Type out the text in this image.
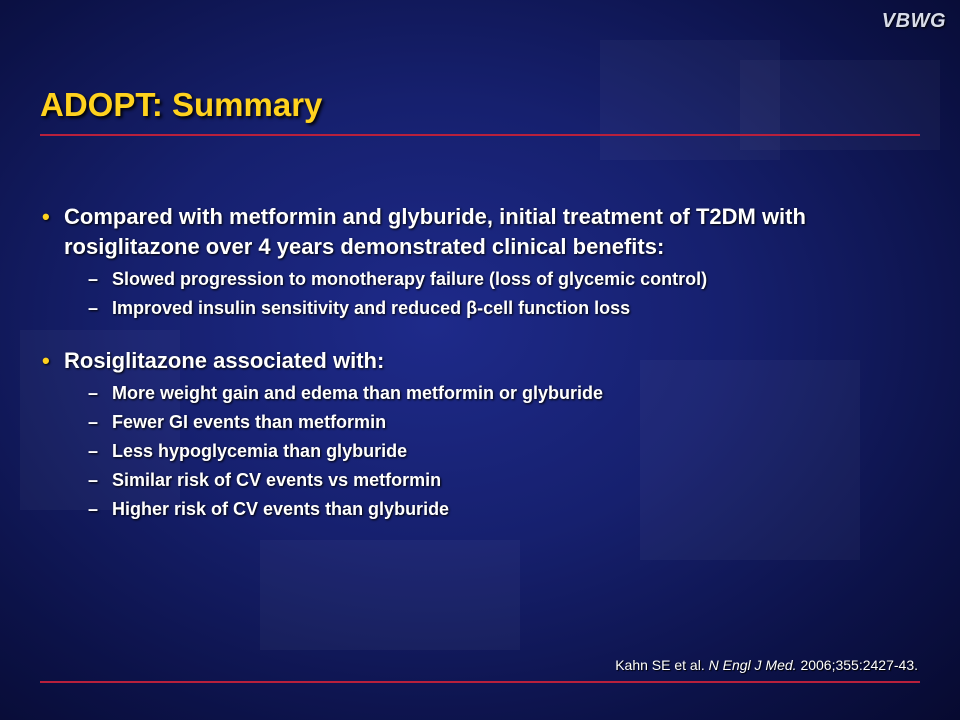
VBWG
ADOPT: Summary
• Compared with metformin and glyburide, initial treatment of T2DM with rosiglitazone over 4 years demonstrated clinical benefits:
– Slowed progression to monotherapy failure (loss of glycemic control)
– Improved insulin sensitivity and reduced β-cell function loss
• Rosiglitazone associated with:
– More weight gain and edema than metformin or glyburide
– Fewer GI events than metformin
– Less hypoglycemia than glyburide
– Similar risk of CV events vs metformin
– Higher risk of CV events than glyburide
Kahn SE et al. N Engl J Med. 2006;355:2427-43.
